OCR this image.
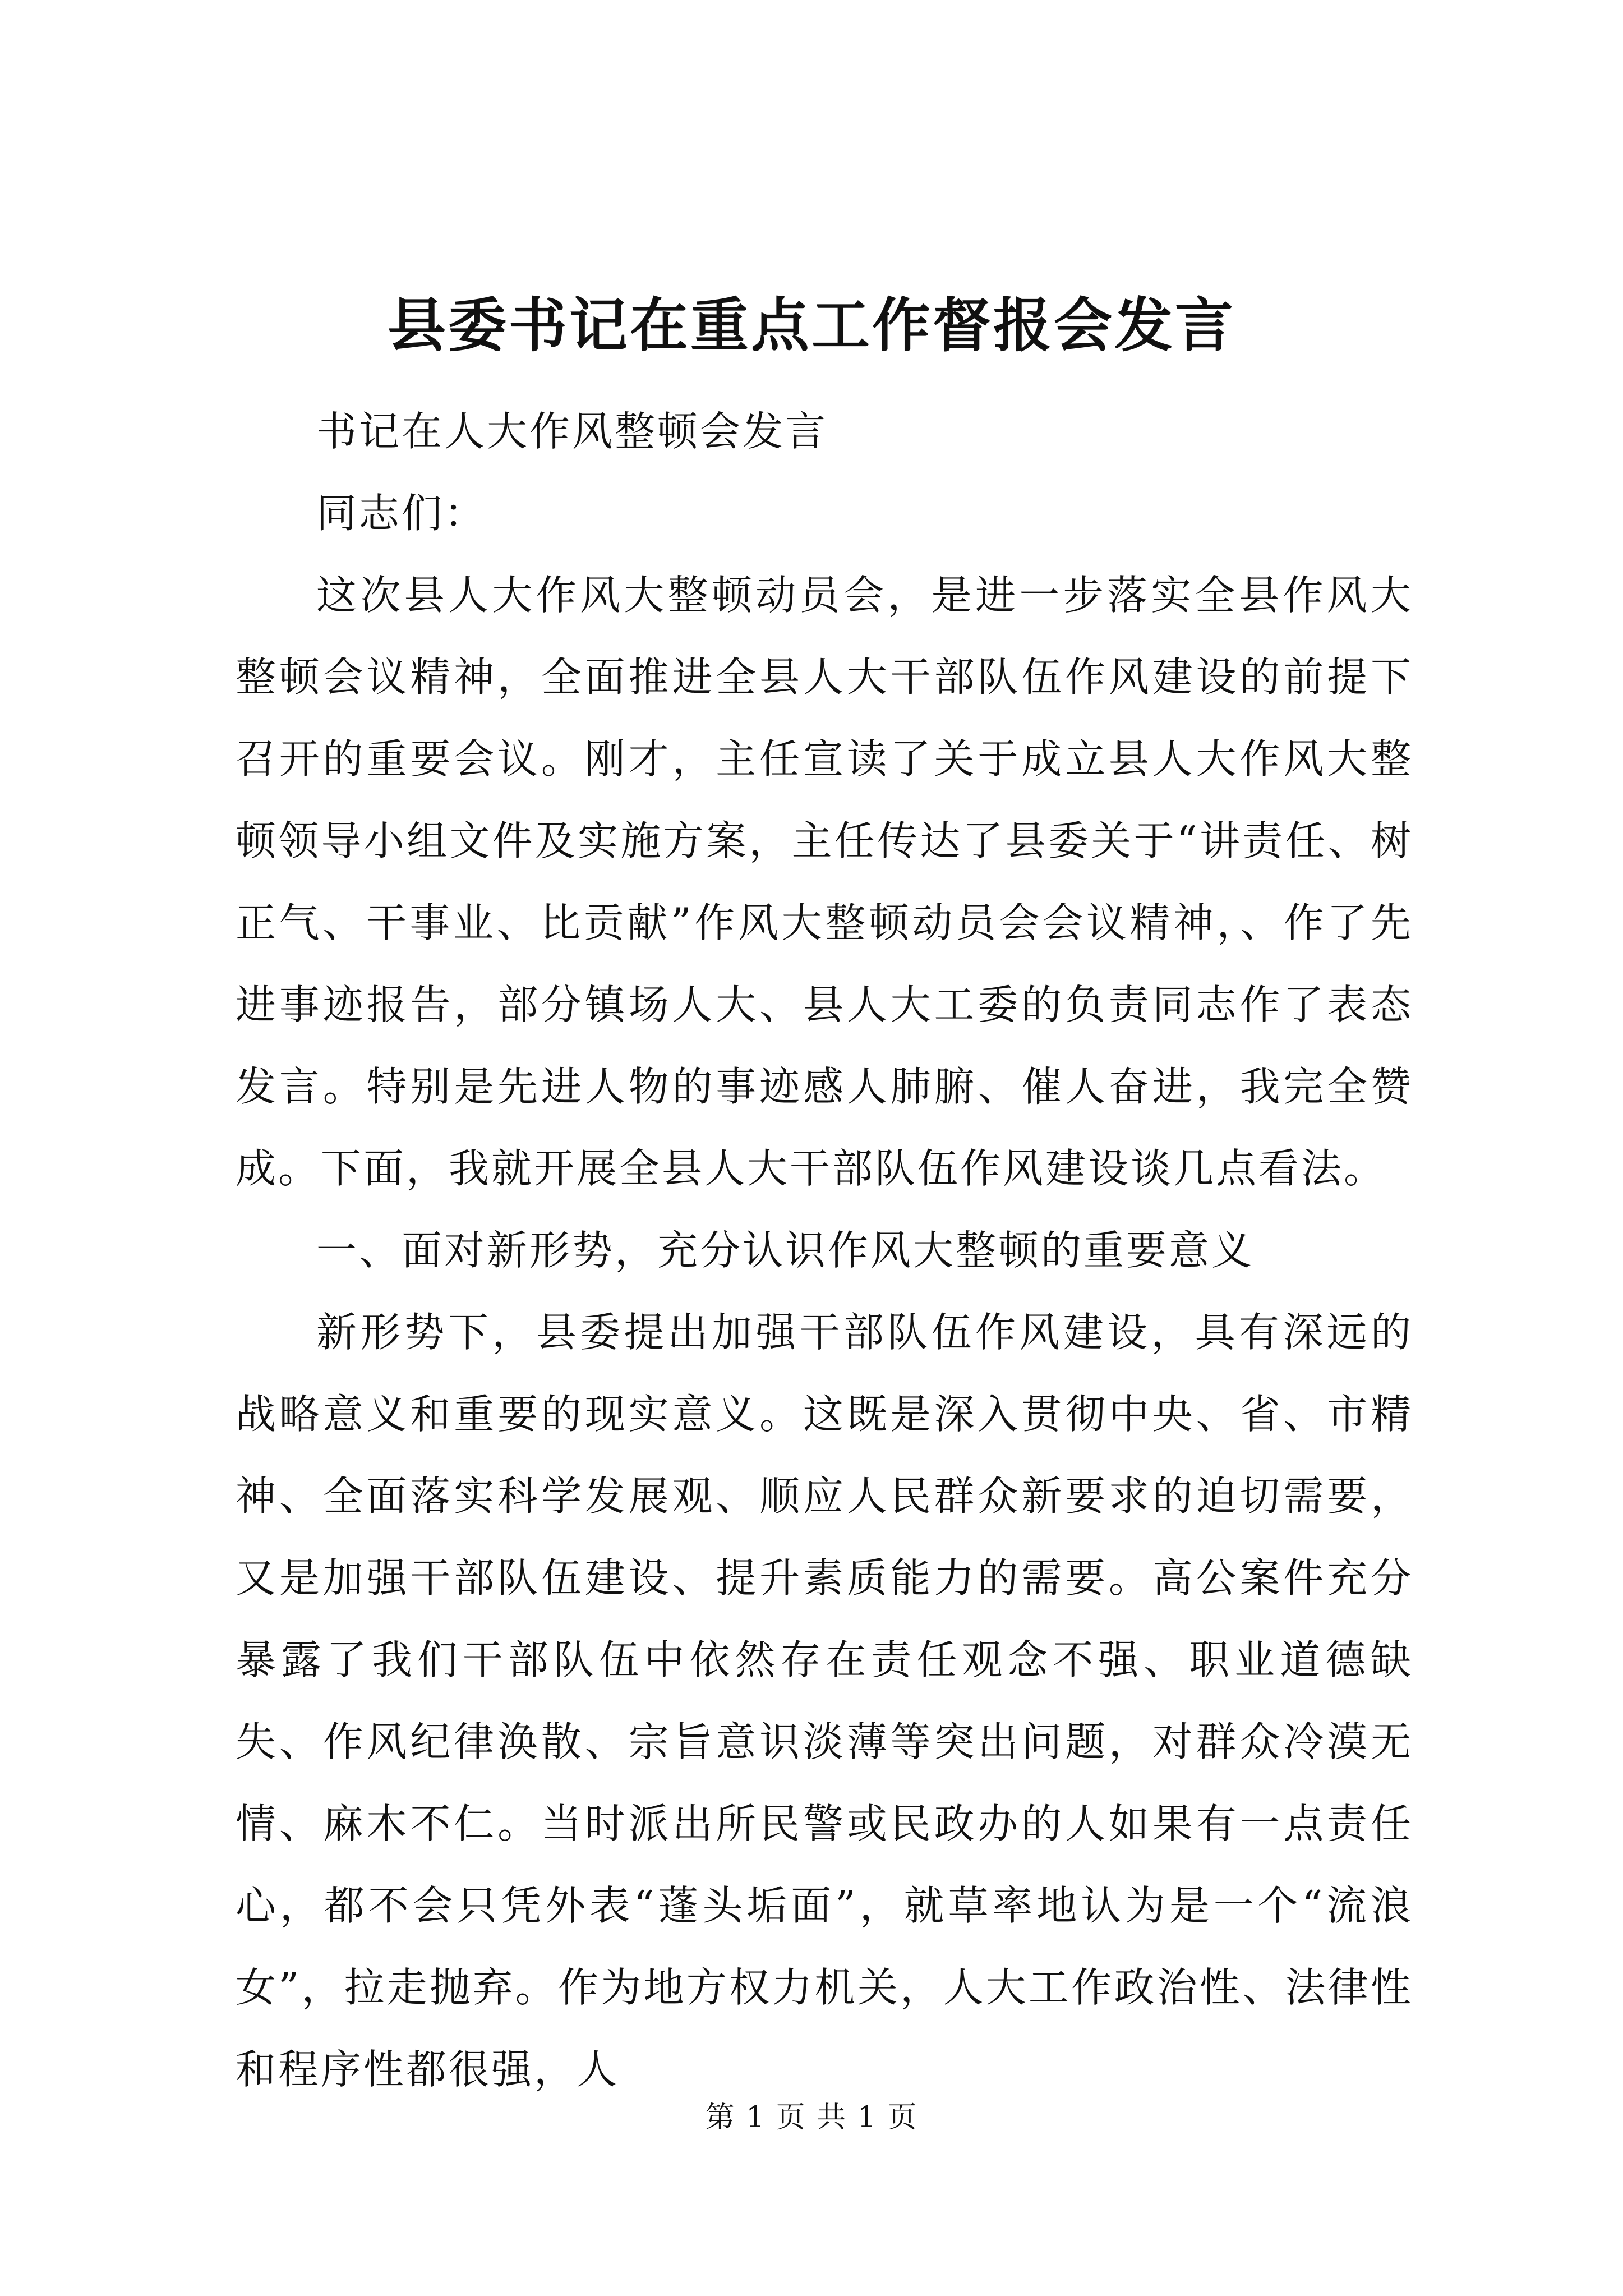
县委书记在重点工作督报会发言

书记在人大作风整顿会发言

同志们：

这次县人大作风大整顿动员会，是进一步落实全县作风大整顿会议精神，全面推进全县人大干部队伍作风建设的前提下召开的重要会议。刚才，主任宣读了关于成立县人大作风大整顿领导小组文件及实施方案，主任传达了县委关于“讲责任、树正气、干事业、比贡献”作风大整顿动员会会议精神，、作了先进事迹报告，部分镇场人大、县人大工委的负责同志作了表态发言。特别是先进人物的事迹感人肺腑、催人奋进，我完全赞成。下面，我就开展全县人大干部队伍作风建设谈几点看法。

一、面对新形势，充分认识作风大整顿的重要意义

新形势下，县委提出加强干部队伍作风建设，具有深远的战略意义和重要的现实意义。这既是深入贯彻中央、省、市精神、全面落实科学发展观、顺应人民群众新要求的迫切需要，又是加强干部队伍建设、提升素质能力的需要。高公案件充分暴露了我们干部队伍中依然存在责任观念不强、职业道德缺失、作风纪律涣散、宗旨意识淡薄等突出问题，对群众冷漠无情、麻木不仁。当时派出所民警或民政办的人如果有一点责任心，都不会只凭外表“蓬头垢面”，就草率地认为是一个“流浪女”，拉走抛弃。作为地方权力机关，人大工作政治性、法律性和程序性都很强，人

第 1 页 共 1 页
